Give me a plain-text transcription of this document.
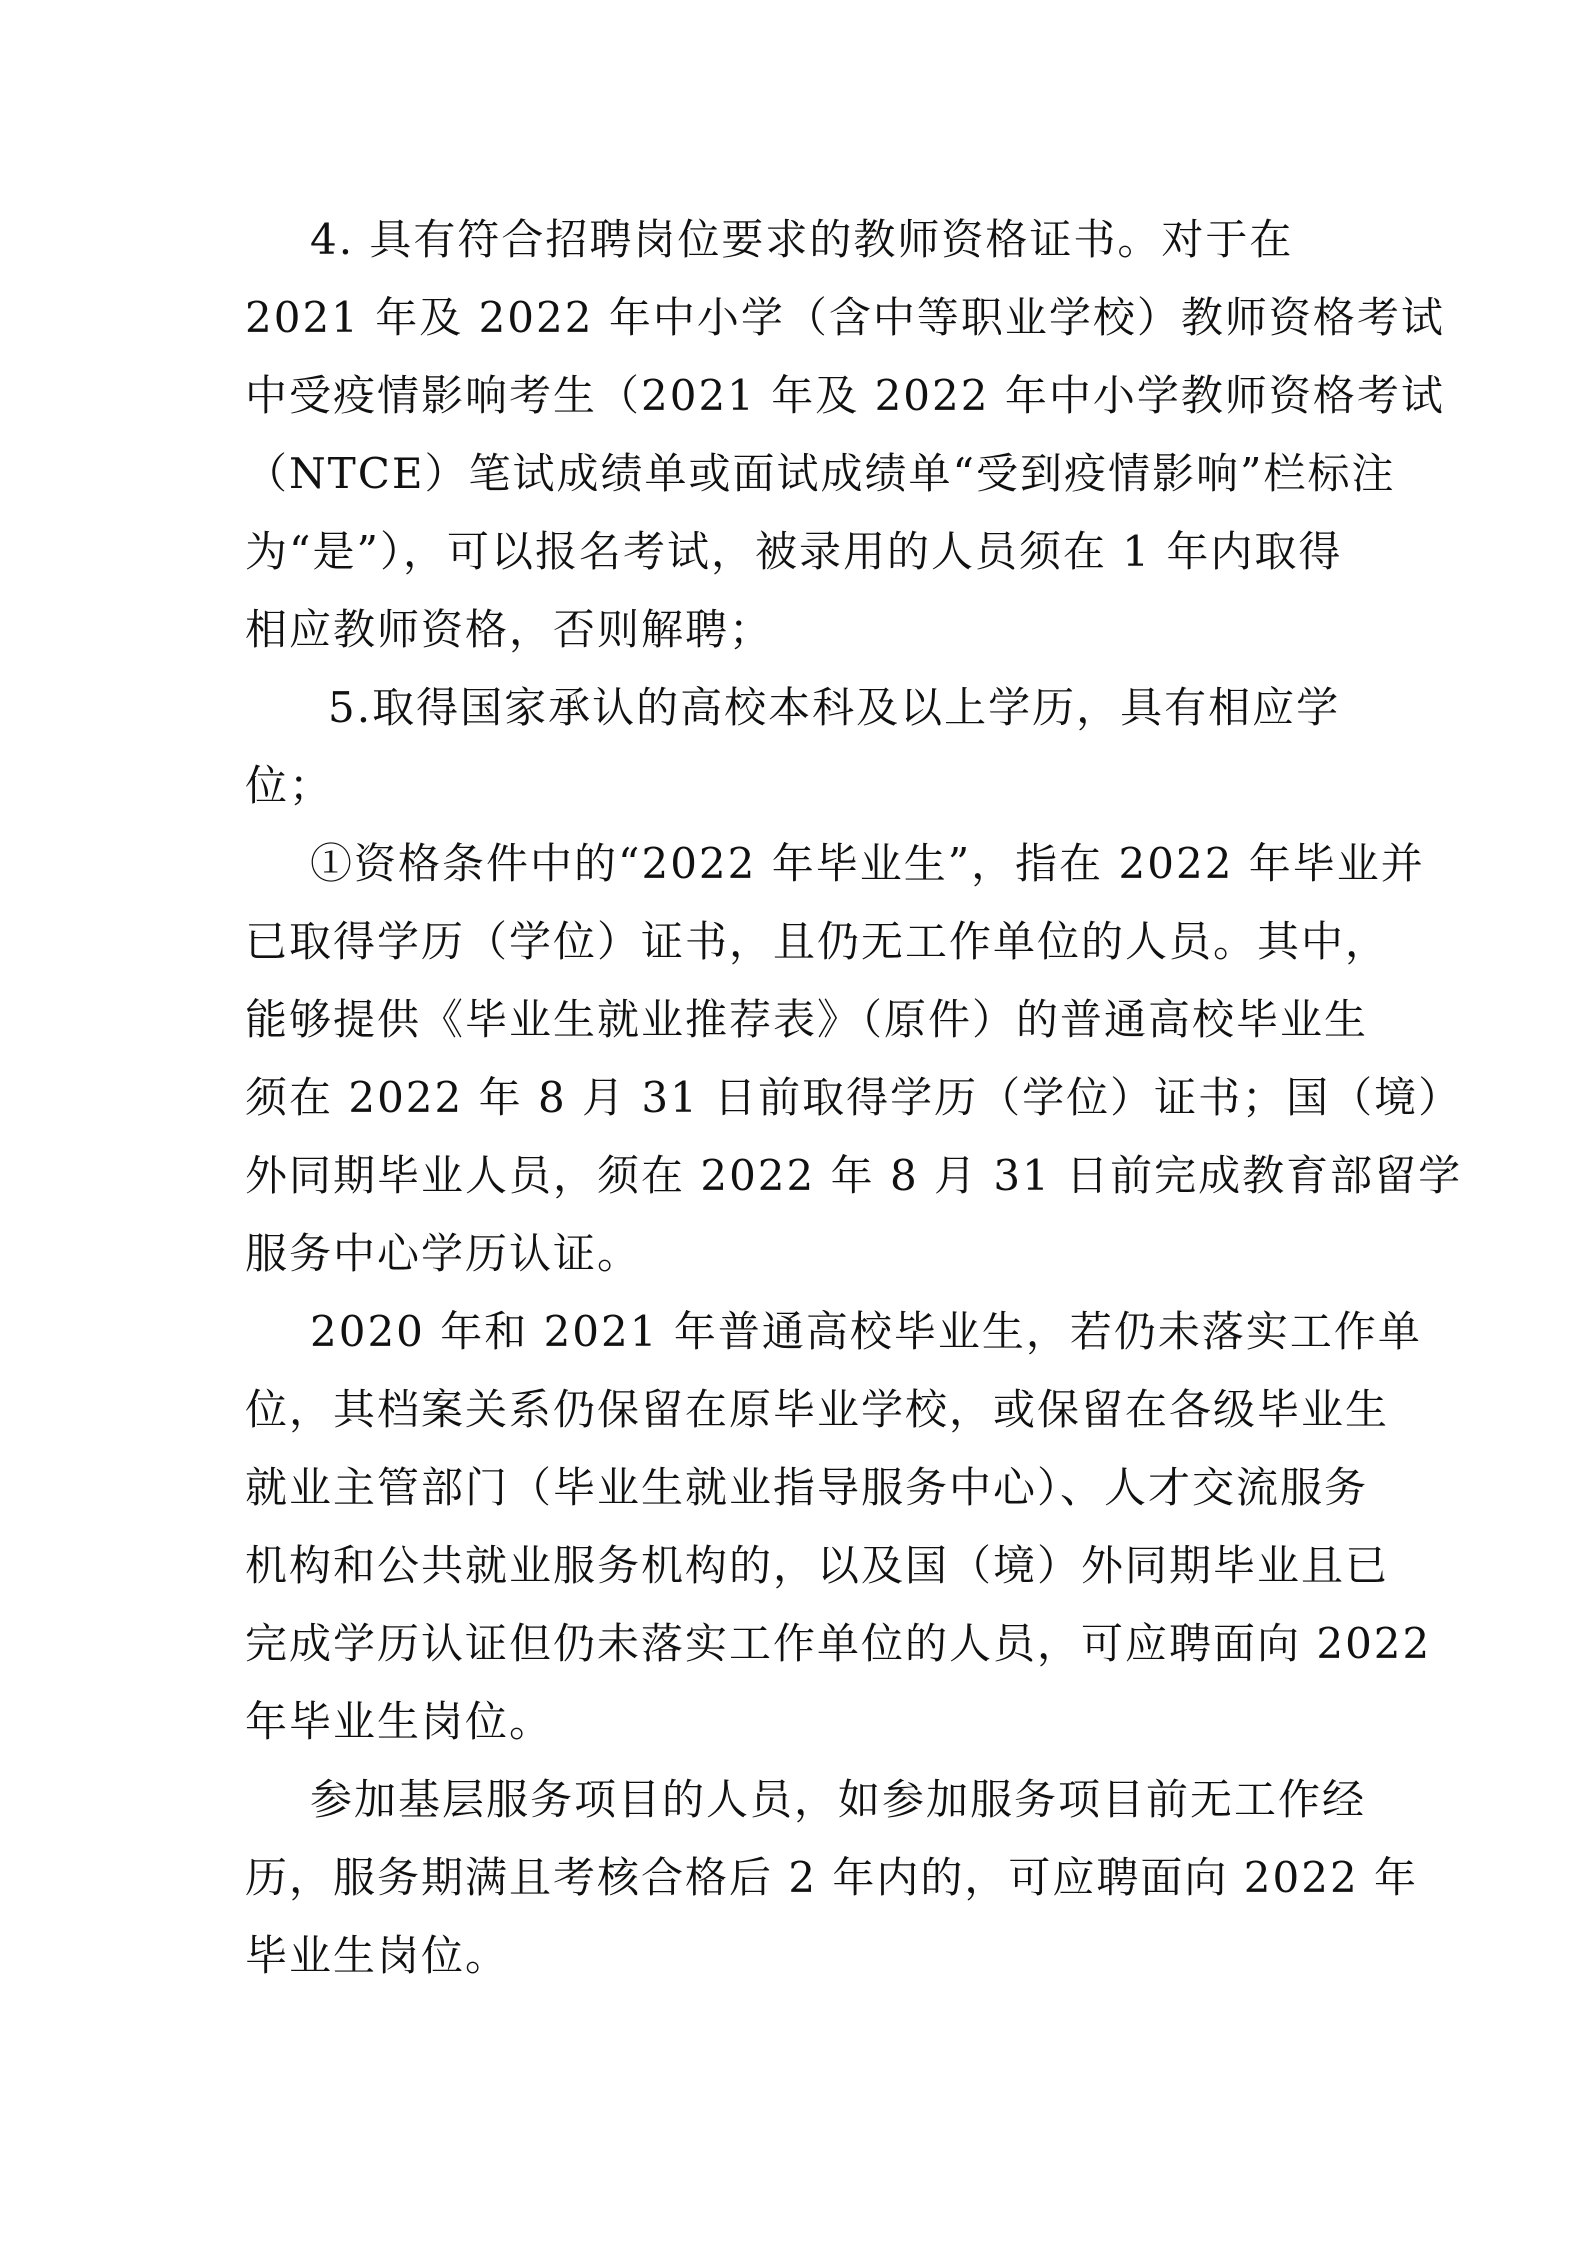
4. 具有符合招聘岗位要求的教师资格证书。对于在

2021 年及 2022 年中小学（含中等职业学校）教师资格考试

中受疫情影响考生（2021 年及 2022 年中小学教师资格考试

（NTCE）笔试成绩单或面试成绩单“受到疫情影响”栏标注

为“是”），可以报名考试，被录用的人员须在 1 年内取得

相应教师资格，否则解聘；

5.取得国家承认的高校本科及以上学历，具有相应学

位；

①资格条件中的“2022 年毕业生”，指在 2022 年毕业并

已取得学历（学位）证书，且仍无工作单位的人员。其中，

能够提供《毕业生就业推荐表》（原件）的普通高校毕业生

须在 2022 年 8 月 31 日前取得学历（学位）证书；国（境）

外同期毕业人员，须在 2022 年 8 月 31 日前完成教育部留学

服务中心学历认证。

2020 年和 2021 年普通高校毕业生，若仍未落实工作单

位，其档案关系仍保留在原毕业学校，或保留在各级毕业生

就业主管部门（毕业生就业指导服务中心）、人才交流服务

机构和公共就业服务机构的，以及国（境）外同期毕业且已

完成学历认证但仍未落实工作单位的人员，可应聘面向 2022

年毕业生岗位。

参加基层服务项目的人员，如参加服务项目前无工作经

历，服务期满且考核合格后 2 年内的，可应聘面向 2022 年

毕业生岗位。
